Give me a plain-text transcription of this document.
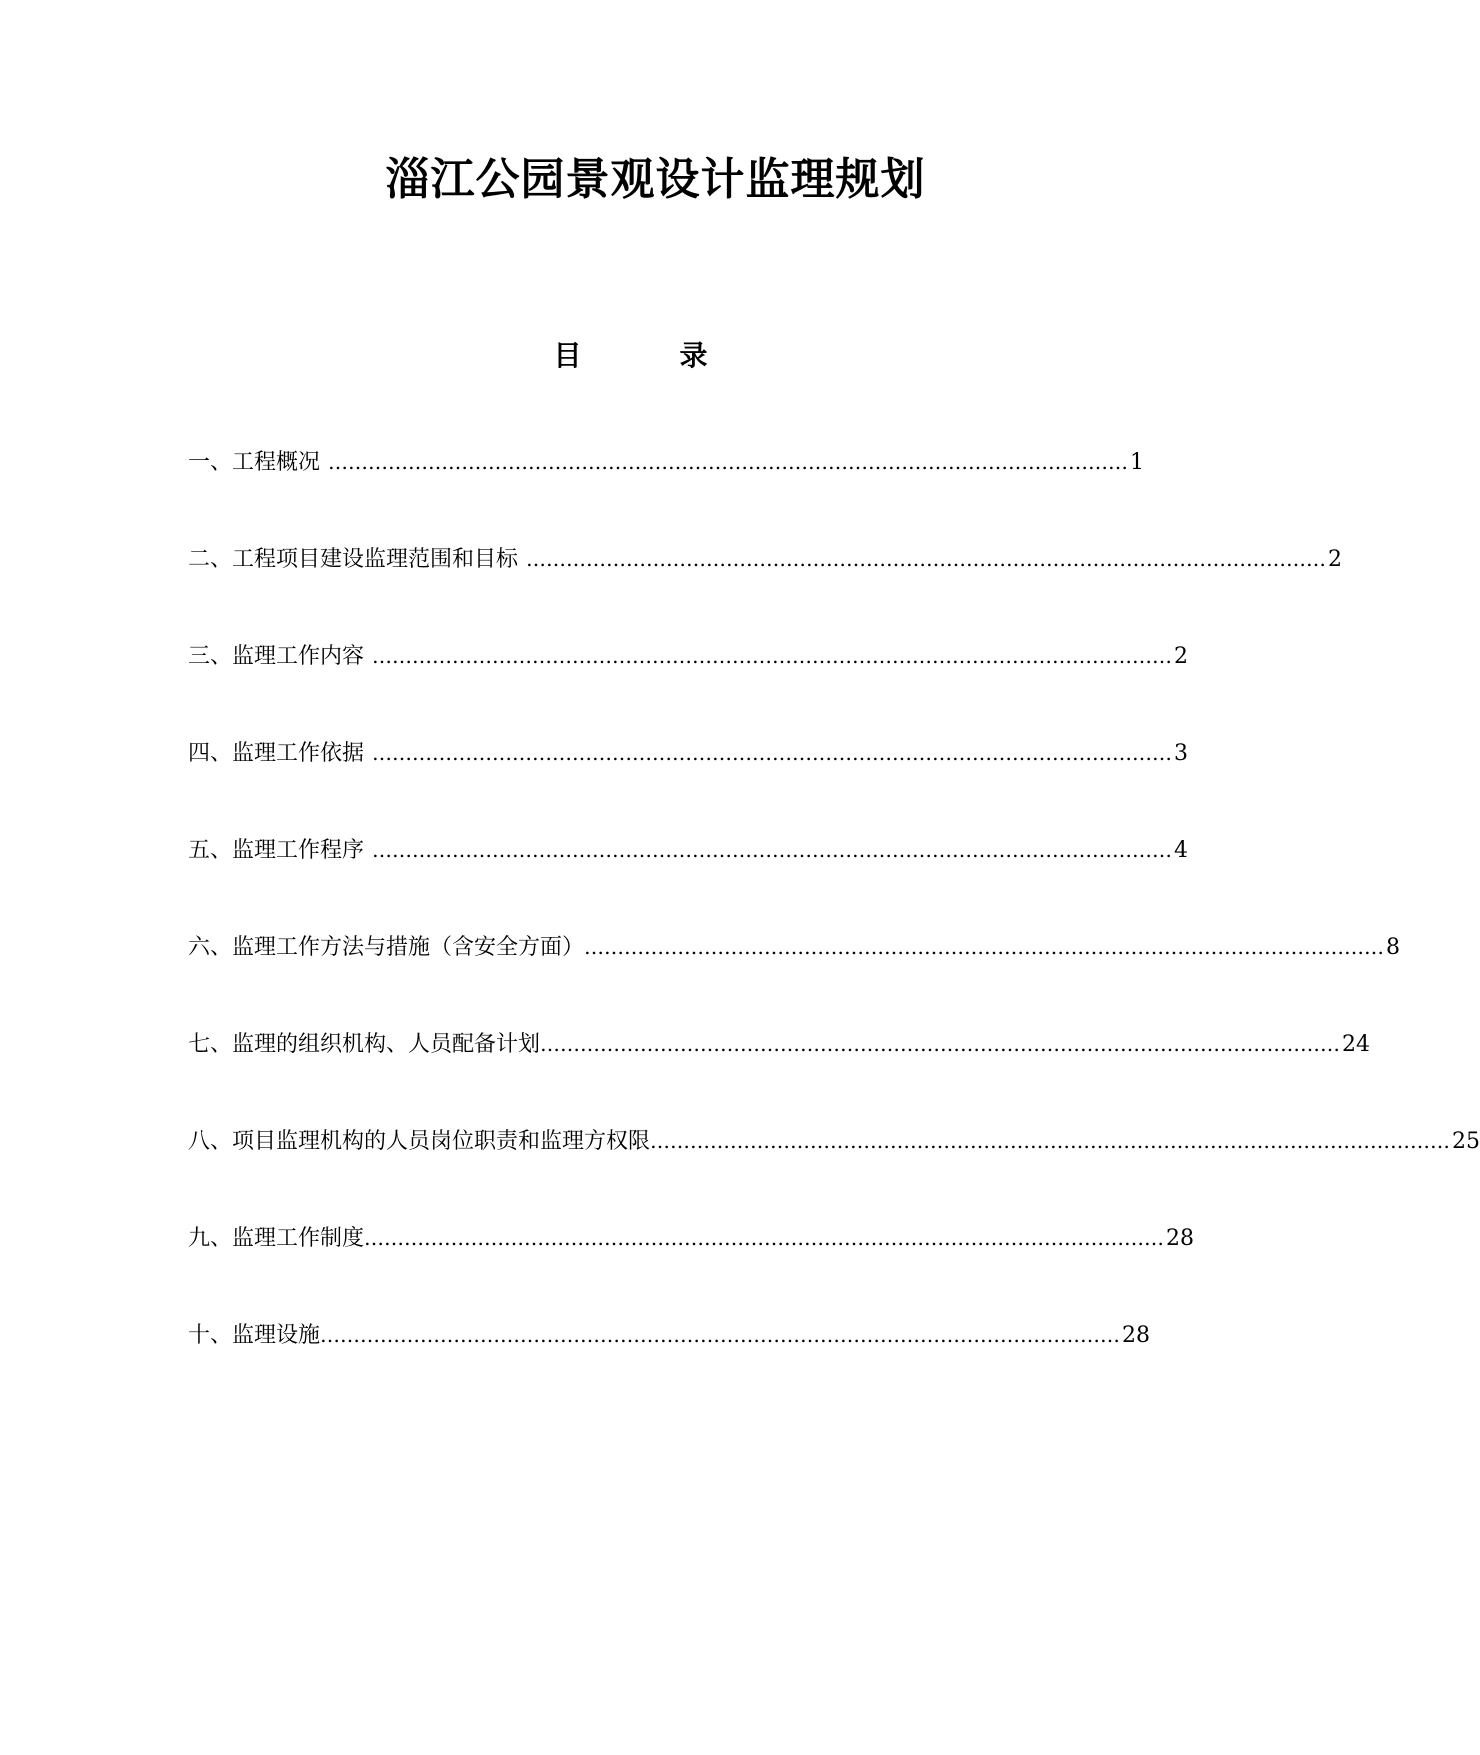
淄江公园景观设计监理规划
目	录
一、工程概况 ………………………………………………………………………………………………………… 1
二、工程项目建设监理范围和目标 ………………………………………………………………………………………………………… 2
三、监理工作内容 ………………………………………………………………………………………………………… 2
四、监理工作依据 ………………………………………………………………………………………………………… 3
五、监理工作程序 ………………………………………………………………………………………………………… 4
六、监理工作方法与措施（含安全方面） ………………………………………………………………………………………………………… 8
七、监理的组织机构、人员配备计划 ………………………………………………………………………………………………………… 24
八、项目监理机构的人员岗位职责和监理方权限 ………………………………………………………………………………………………………… 25
九、监理工作制度 ………………………………………………………………………………………………………… 28
十、监理设施 ………………………………………………………………………………………………………… 28
